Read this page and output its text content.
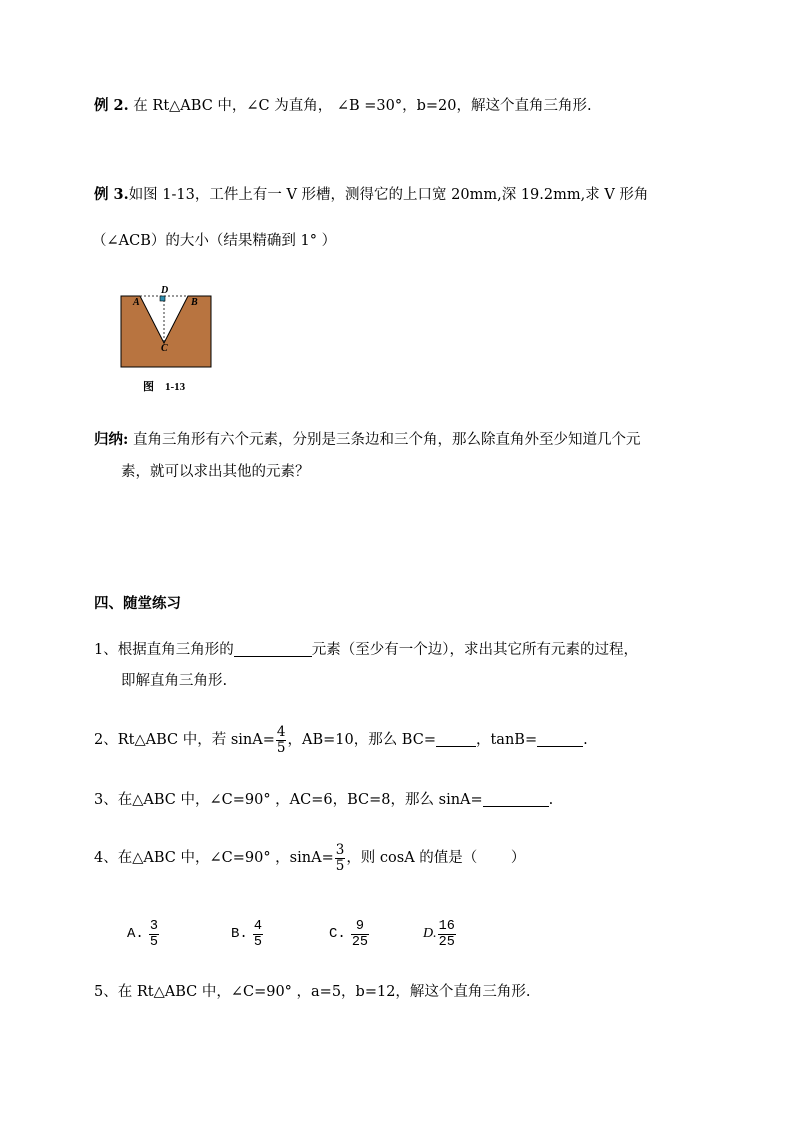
例 2. 在 Rt△ABC 中，∠C 为直角， ∠B =30°，b=20，解这个直角三角形.
例 3.如图 1-13，工件上有一 V 形槽，测得它的上口宽 20mm,深 19.2mm,求 V 形角
（∠ACB）的大小（结果精确到 1° ）
D
A	B
C
图　1-13
归纳: 直角三角形有六个元素，分别是三条边和三个角，那么除直角外至少知道几个元
素，就可以求出其他的元素？
四、随堂练习
1、根据直角三角形的	元素（至少有一个边），求出其它所有元素的过程，
即解直角三角形.
2、Rt△ABC 中，若 $\sin A= \frac{4}{5}$ ，AB=10，那么 BC=	，tanB=	.
3、在△ABC 中，∠C=90° ，AC=6，BC=8，那么 sinA=	.
4、在△ABC 中，∠C=90° ，$\sin A= \frac{3}{5}$ ，则 cosA 的值是（　　 ）
A. $\frac{3}{5}$	B. $\frac{4}{5}$	C. $\frac{9}{25}$	D. $\frac{16}{25}$
5、在 Rt△ABC 中，∠C=90° ，a=5，b=12，解这个直角三角形.
